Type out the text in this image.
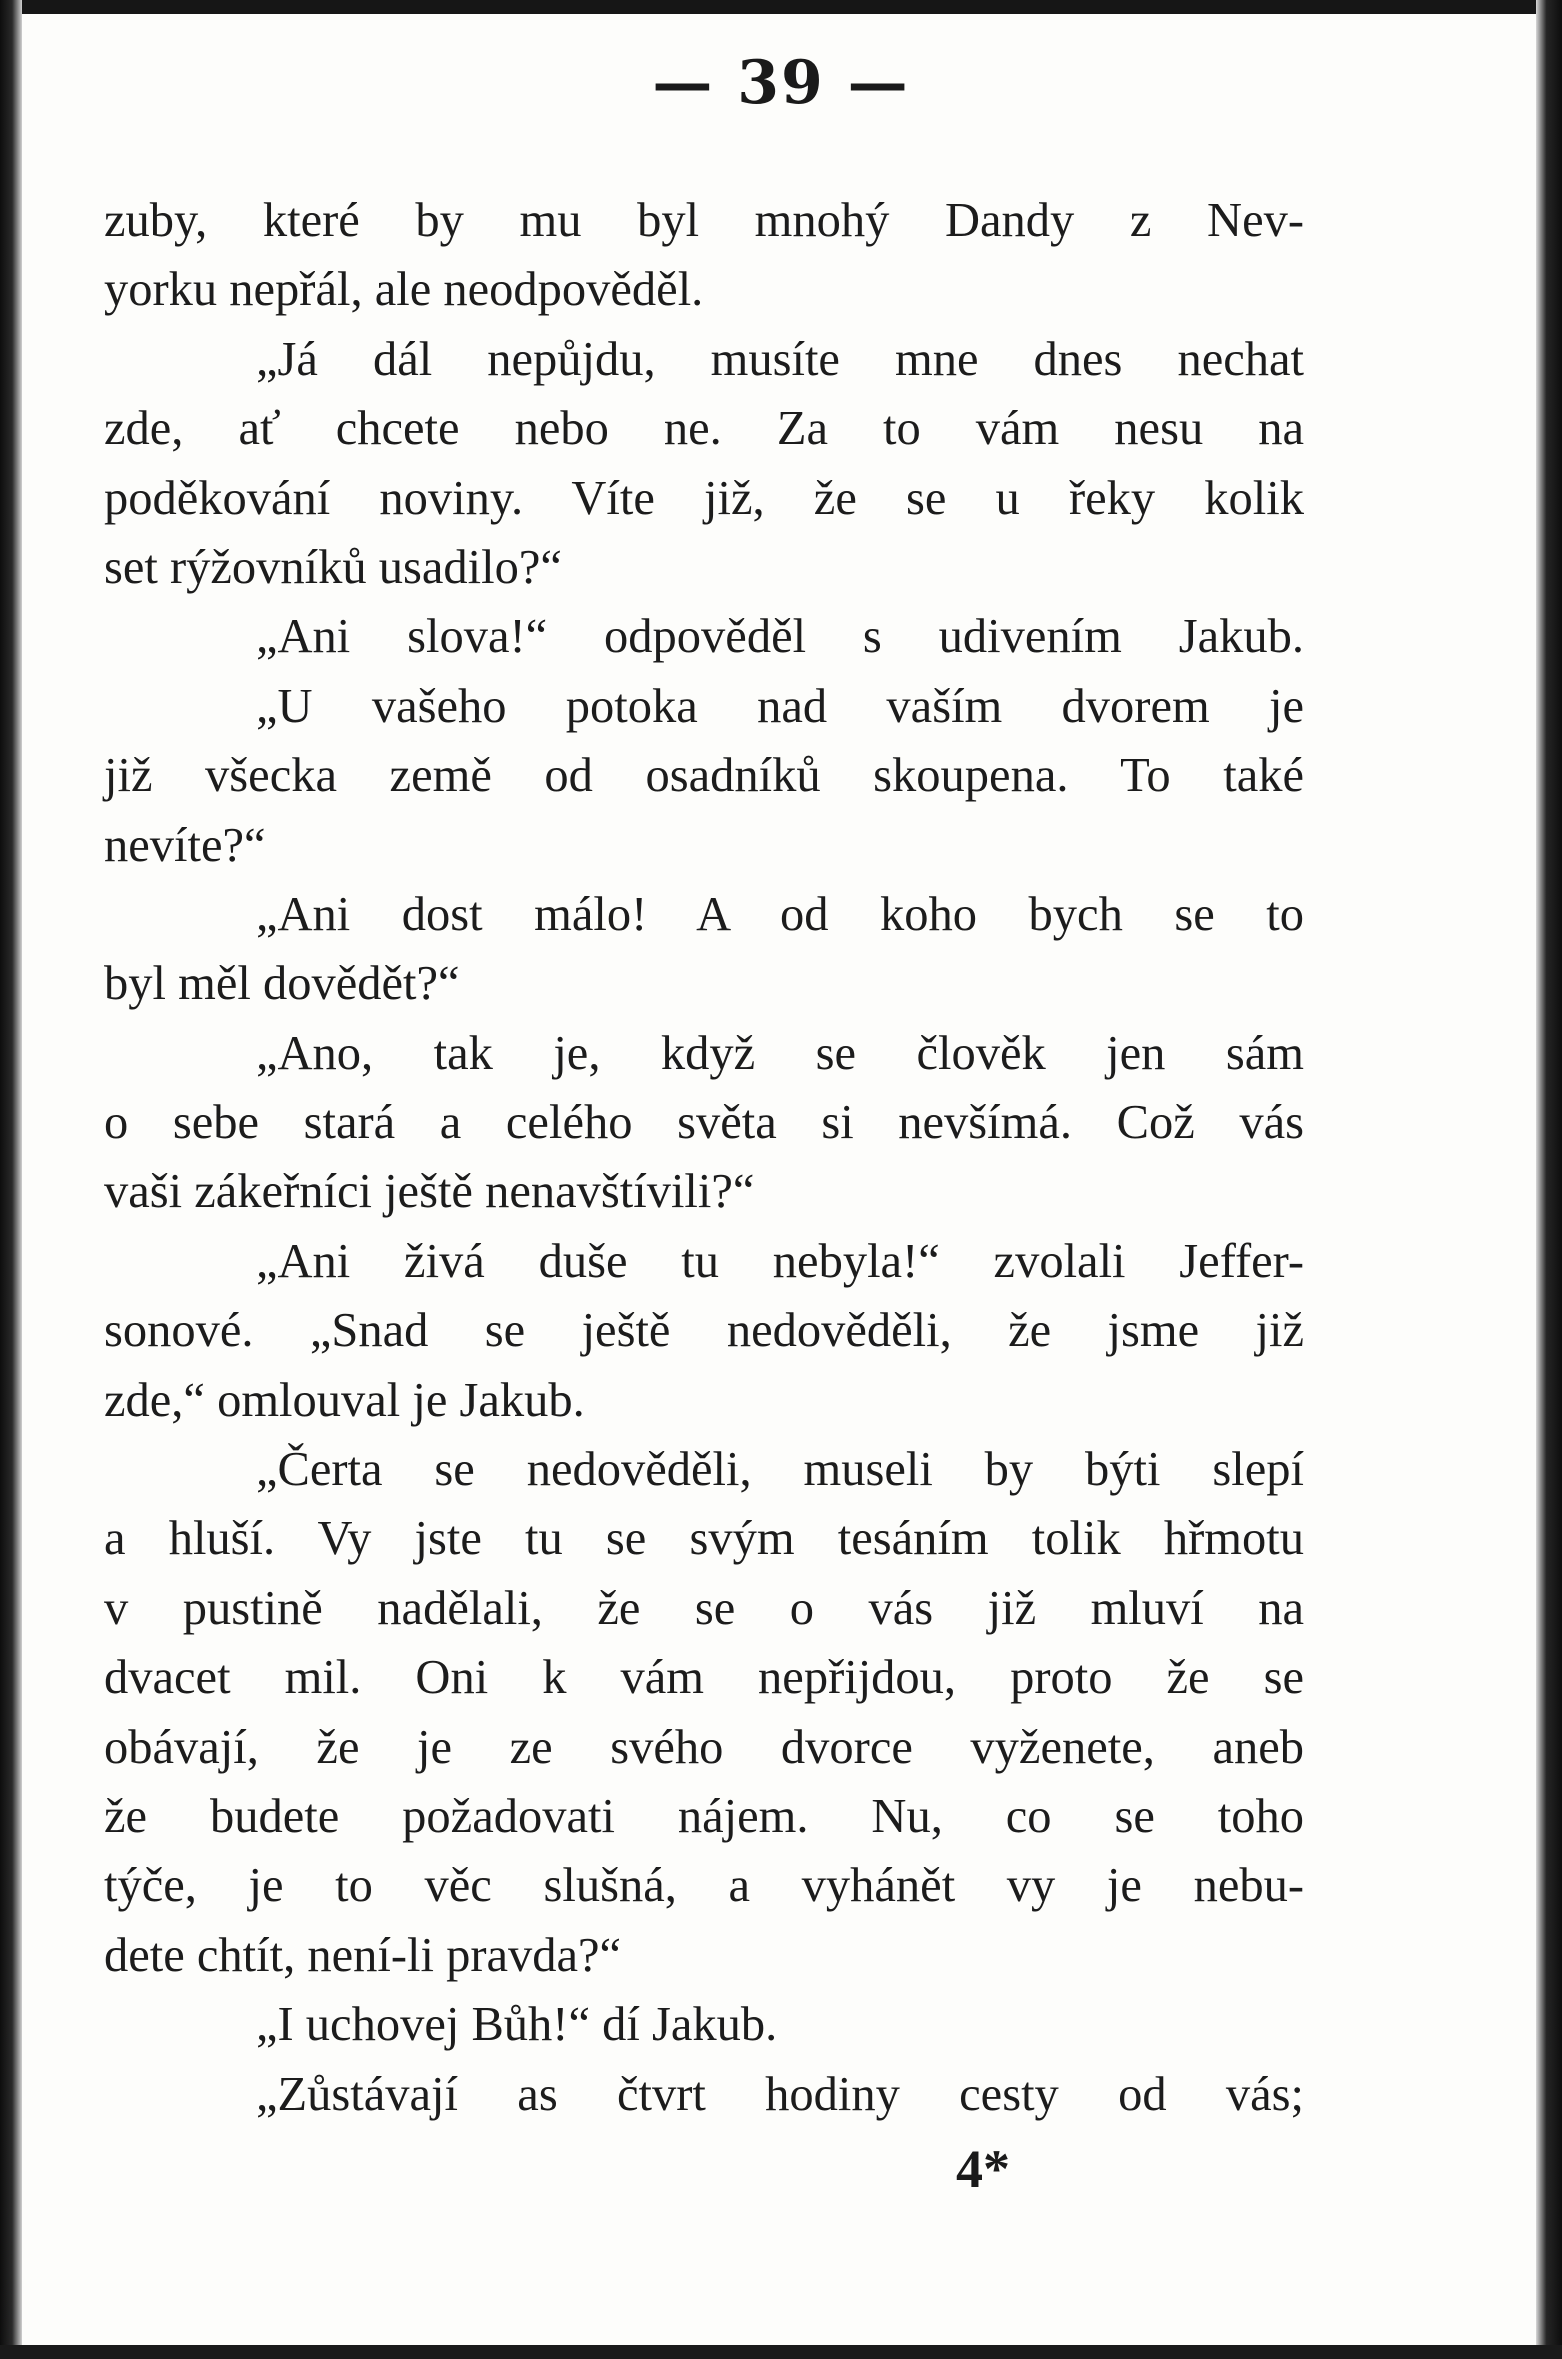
— 39 —
zuby, které by mu byl mnohý Dandy z Nev-
yorku nepřál, ale neodpověděl.
„Já dál nepůjdu, musíte mne dnes nechat
zde, ať chcete nebo ne. Za to vám nesu na
poděkování noviny. Víte již, že se u řeky kolik
set rýžovníků usadilo?“
„Ani slova!“ odpověděl s udivením Jakub.
„U vašeho potoka nad vaším dvorem je
již všecka země od osadníků skoupena. To také
nevíte?“
„Ani dost málo! A od koho bych se to
byl měl dovědět?“
„Ano, tak je, když se člověk jen sám
o sebe stará a celého světa si nevšímá. Což vás
vaši zákeřníci ještě nenavštívili?“
„Ani živá duše tu nebyla!“ zvolali Jeffer-
sonové. „Snad se ještě nedověděli, že jsme již
zde,“ omlouval je Jakub.
„Čerta se nedověděli, museli by býti slepí
a hluší. Vy jste tu se svým tesáním tolik hřmotu
v pustině nadělali, že se o vás již mluví na
dvacet mil. Oni k vám nepřijdou, proto že se
obávají, že je ze svého dvorce vyženete, aneb
že budete požadovati nájem. Nu, co se toho
týče, je to věc slušná, a vyhánět vy je nebu-
dete chtít, není-li pravda?“
„I uchovej Bůh!“ dí Jakub.
„Zůstávají as čtvrt hodiny cesty od vás;
4*
